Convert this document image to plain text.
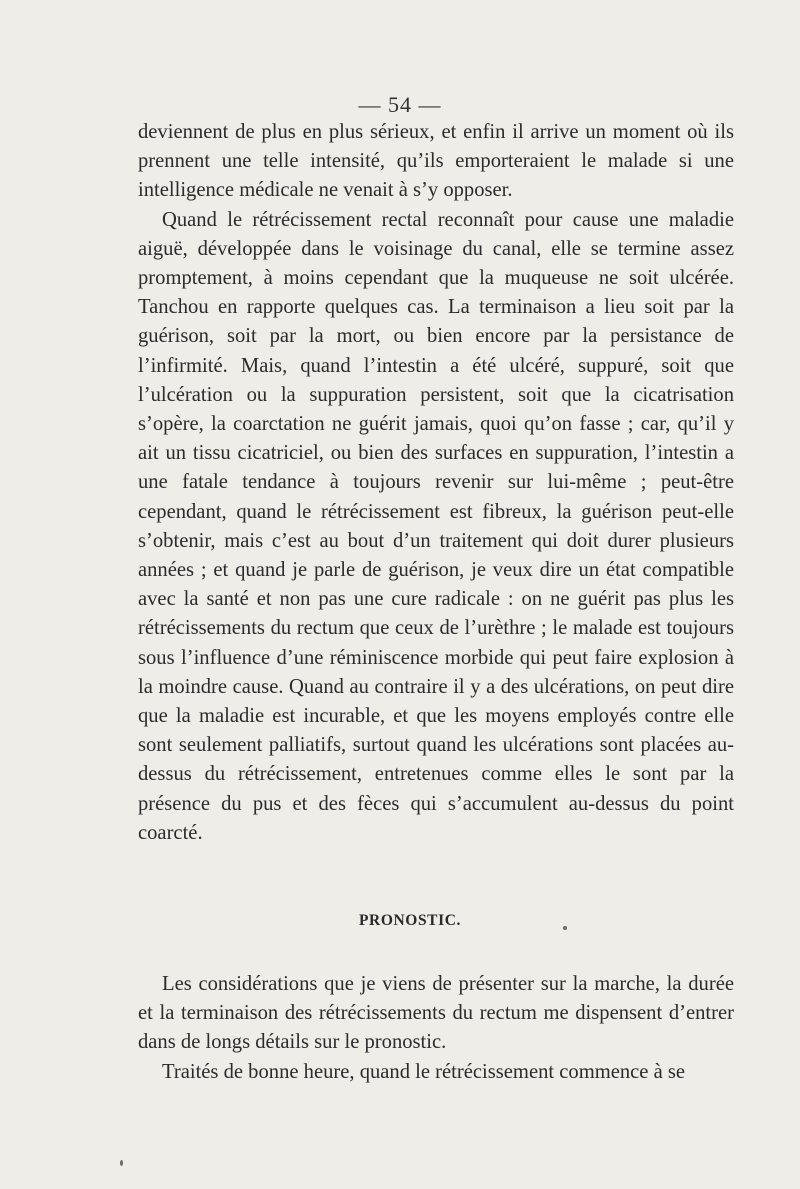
— 54 —

deviennent de plus en plus sérieux, et enfin il arrive un moment où ils prennent une telle intensité, qu’ils emporteraient le malade si une intelligence médicale ne venait à s’y opposer.

Quand le rétrécissement rectal reconnaît pour cause une maladie aiguë, développée dans le voisinage du canal, elle se termine assez promptement, à moins cependant que la muqueuse ne soit ulcérée. Tanchou en rapporte quelques cas. La terminaison a lieu soit par la guérison, soit par la mort, ou bien encore par la persistance de l’infirmité. Mais, quand l’intestin a été ulcéré, suppuré, soit que l’ulcération ou la suppuration persistent, soit que la cicatrisation s’opère, la coarctation ne guérit jamais, quoi qu’on fasse ; car, qu’il y ait un tissu cicatriciel, ou bien des surfaces en suppuration, l’intestin a une fatale tendance à toujours revenir sur lui-même ; peut-être cependant, quand le rétrécissement est fibreux, la guérison peut-elle s’obtenir, mais c’est au bout d’un traitement qui doit durer plusieurs années ; et quand je parle de guérison, je veux dire un état compatible avec la santé et non pas une cure radicale : on ne guérit pas plus les rétrécissements du rectum que ceux de l’urèthre ; le malade est toujours sous l’influence d’une réminiscence morbide qui peut faire explosion à la moindre cause. Quand au contraire il y a des ulcérations, on peut dire que la maladie est incurable, et que les moyens employés contre elle sont seulement palliatifs, surtout quand les ulcérations sont placées au-dessus du rétrécissement, entretenues comme elles le sont par la présence du pus et des fèces qui s’accumulent au-dessus du point coarcté.

PRONOSTIC.

Les considérations que je viens de présenter sur la marche, la durée et la terminaison des rétrécissements du rectum me dispensent d’entrer dans de longs détails sur le pronostic.

Traités de bonne heure, quand le rétrécissement commence à se
